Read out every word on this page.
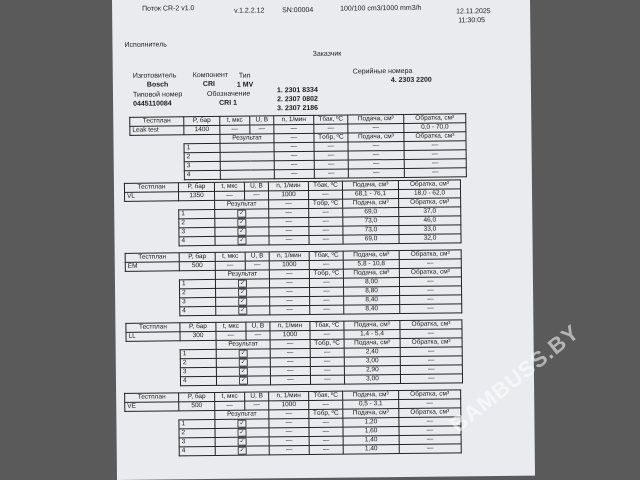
Поток CR-2 v1.0	v.1.2.2.12	SN:00004	100/100 cm3/1000 mm3/h	12.11.2025
11:30:05
Исполнитель
Заказчик
Изготовитель
Bosch
Типовой номер
0445110084
Компонент
CRI
Тип
1 MV
Обозначение
CRI 1
Серийные номера
1. 2301 8334
2. 2307 0802
3. 2307 2186
4. 2303 2200
Тестплан	P, бар	t, мкс	U, В	n, 1/мин	Tбак, ºC	Подача, см³	Обратка, см³
Leak test	1400	—	—	—	—	—	0,0 - 70,0
		Результат		—	Tобр, ºC	Подача, см³	Обратка, см³
	1			—	—	—	—
	2			—	—	—	—
	3			—	—	—	—
	4			—	—	—	—
Тестплан	P, бар	t, мкс	U, В	n, 1/мин	Tбак, ºC	Подача, см³	Обратка, см³
VL	1350	—	—	1000	—	68,1 - 76,1	18,0 - 62,0
		Результат		—	Tобр, ºC	Подача, см³	Обратка, см³
	1	✓		—	—	69,0	37,0
	2	✓		—	—	73,0	46,0
	3	✓		—	—	73,0	33,0
	4	✓		—	—	69,0	32,0
Тестплан	P, бар	t, мкс	U, В	n, 1/мин	Tбак, ºC	Подача, см³	Обратка, см³
EM	500	—	—	1000	—	5,8 - 10,8	—
		Результат		—	Tобр, ºC	Подача, см³	Обратка, см³
	1	✓		—	—	8,00	—
	2	✓		—	—	8,80	—
	3	✓		—	—	8,40	—
	4	✓		—	—	8,40	—
Тестплан	P, бар	t, мкс	U, В	n, 1/мин	Tбак, ºC	Подача, см³	Обратка, см³
LL	300	—	—	1000	—	1,4 - 5,4	—
		Результат		—	Tобр, ºC	Подача, см³	Обратка, см³
	1	✓		—	—	2,40	—
	2	✓		—	—	3,00	—
	3	✓		—	—	2,90	—
	4	✓		—	—	3,00	—
Тестплан	P, бар	t, мкс	U, В	n, 1/мин	Tбак, ºC	Подача, см³	Обратка, см³
VE	500	—	—	1000	—	0,5 - 3,1	—
		Результат		—	Tобр, ºC	Подача, см³	Обратка, см³
	1	✓		—	—	1,20	—
	2	✓		—	—	1,60	—
	3	✓		—	—	1,40	—
	4	✓		—	—	1,40	—
BAMBUSS.BY
